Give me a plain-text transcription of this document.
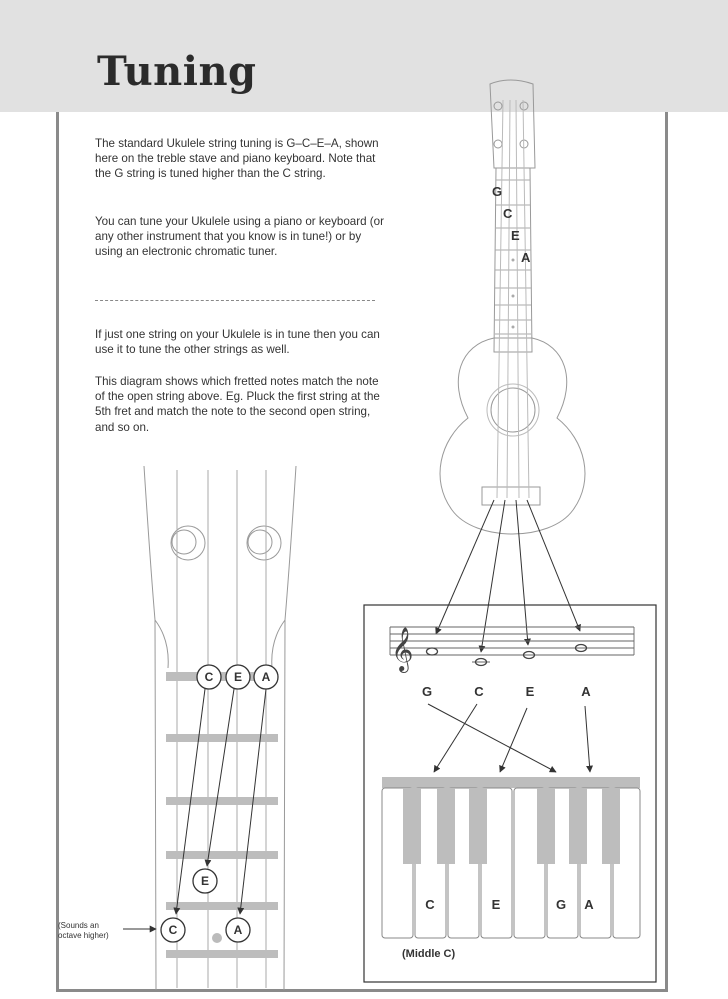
Tuning

The standard Ukulele string tuning is G–C–E–A, shown here on the treble stave and piano keyboard. Note that the G string is tuned higher than the C string.

You can tune your Ukulele using a piano or keyboard (or any other instrument that you know is in tune!) or by using an electronic chromatic tuner.

If just one string on your Ukulele is in tune then you can use it to tune the other strings as well.

This diagram shows which fretted notes match the note of the open string above. Eg. Pluck the first string at the 5th fret and match the note to the second open string, and so on.

G
C
E
A
𝄞
G	C	E	A
C	E	G A
(Middle C)
C E A
E
C	A

(Sounds an octave higher)
